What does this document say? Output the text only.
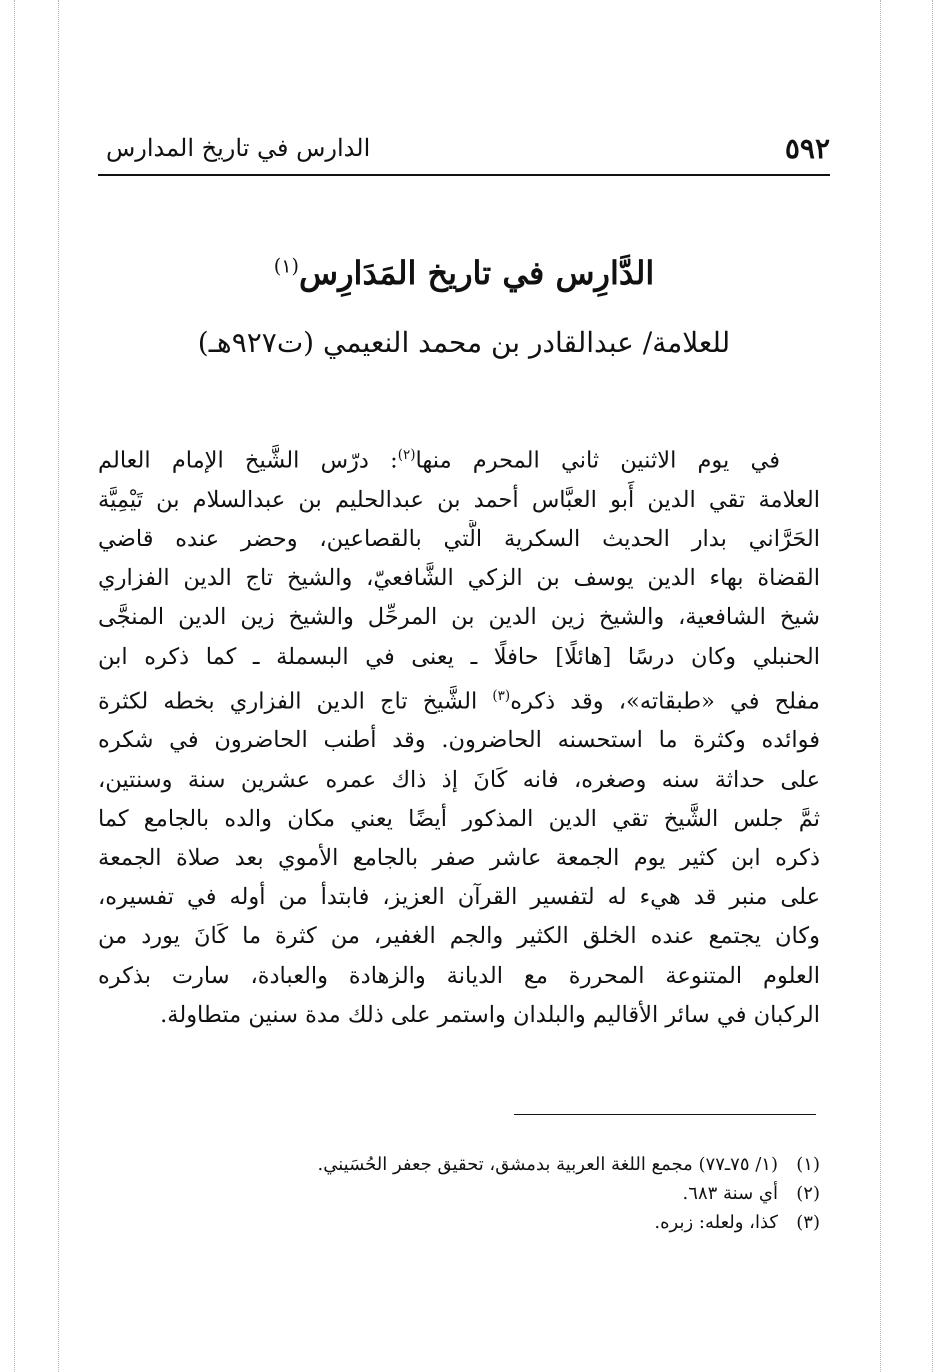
٥٩٢
الدارس في تاريخ المدارس
الدَّارِس في تاريخ المَدَارِس$^{(١)}$
للعلامة/ عبدالقادر بن محمد النعيمي (ت٩٢٧هـ)
في يوم الاثنين ثاني المحرم منها$^{(٢)}$: درّس الشَّيخ الإمام العالم
العلامة تقي الدين أَبو العبَّاس أحمد بن عبدالحليم بن عبدالسلام بن تَيْمِيَّة
الحَرَّاني بدار الحديث السكرية الَّتي بالقصاعين، وحضر عنده قاضي
القضاة بهاء الدين يوسف بن الزكي الشَّافعيّ، والشيخ تاج الدين الفزاري
شيخ الشافعية، والشيخ زين الدين بن المرحِّل والشيخ زين الدين المنجَّى
الحنبلي وكان درسًا [هائلًا] حافلًا ـ يعنى في البسملة ـ كما ذكره ابن
مفلح في «طبقاته»، وقد ذكره$^{(٣)}$ الشَّيخ تاج الدين الفزاري بخطه لكثرة
فوائده وكثرة ما استحسنه الحاضرون. وقد أطنب الحاضرون في شكره
على حداثة سنه وصغره، فانه كَانَ إذ ذاك عمره عشرين سنة وسنتين،
ثمَّ جلس الشَّيخ تقي الدين المذكور أيضًا يعني مكان والده بالجامع كما
ذكره ابن كثير يوم الجمعة عاشر صفر بالجامع الأموي بعد صلاة الجمعة
على منبر قد هيء له لتفسير القرآن العزيز، فابتدأ من أوله في تفسيره،
وكان يجتمع عنده الخلق الكثير والجم الغفير، من كثرة ما كَانَ يورد من
العلوم المتنوعة المحررة مع الديانة والزهادة والعبادة، سارت بذكره
الركبان في سائر الأقاليم والبلدان واستمر على ذلك مدة سنين متطاولة.
(١)(١/ ٧٥ـ٧٧) مجمع اللغة العربية بدمشق، تحقيق جعفر الحُسَيني.
(٢)أي سنة ٦٨٣.
(٣)كذا، ولعله: زبره.
